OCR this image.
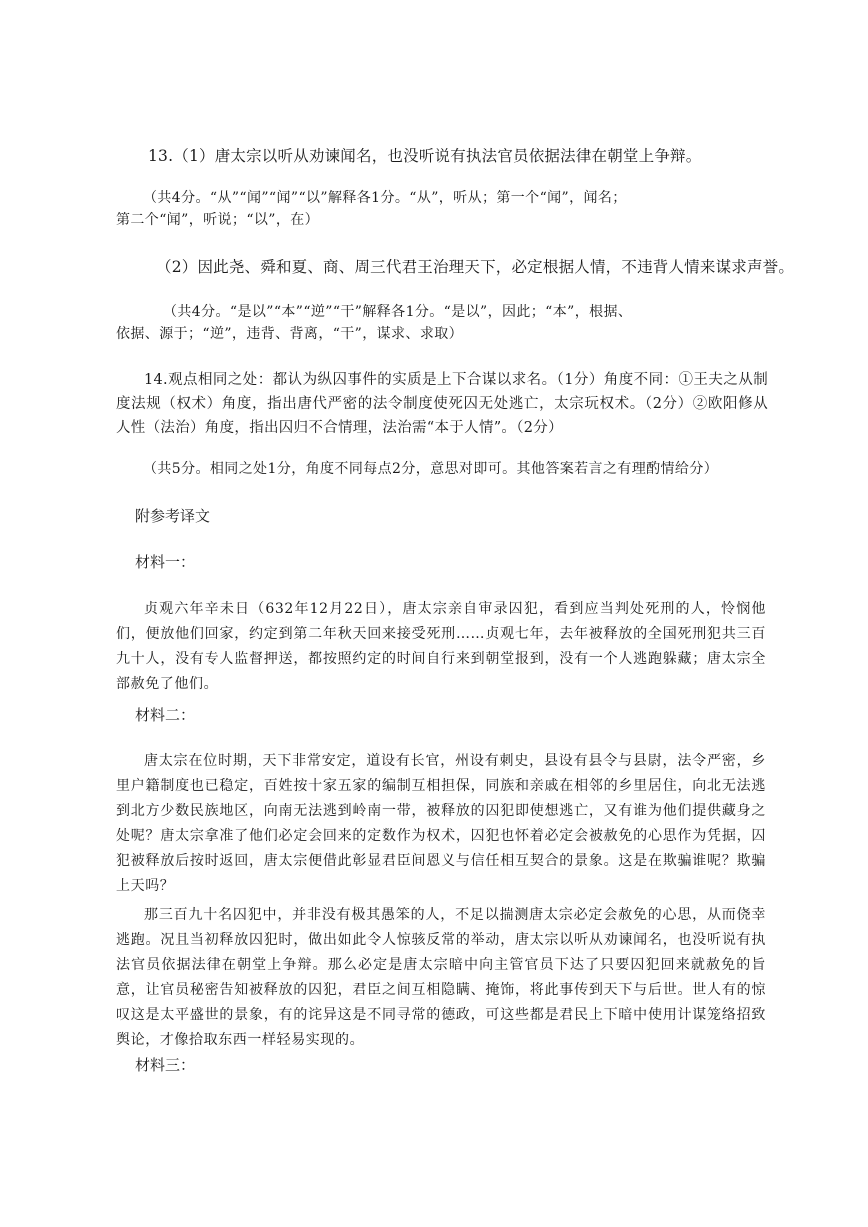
13.（1）唐太宗以听从劝谏闻名，也没听说有执法官员依据法律在朝堂上争辩。

（共4分。“从”“闻”“闻”“以”解释各1分。“从”，听从；第一个“闻”，闻名；

第二个“闻”，听说；“以”，在）

（2）因此尧、舜和夏、商、周三代君王治理天下，必定根据人情，不违背人情来谋求声誉。

（共4分。“是以”“本”“逆”“干”解释各1分。“是以”，因此；“本”，根据、

依据、源于；“逆”，违背、背离，“干”，谋求、求取）

14.观点相同之处：都认为纵囚事件的实质是上下合谋以求名。（1分）角度不同：①王夫之从制度法规（权术）角度，指出唐代严密的法令制度使死囚无处逃亡，太宗玩权术。（2分）②欧阳修从人性（法治）角度，指出囚归不合情理，法治需“本于人情”。（2分）

（共5分。相同之处1分，角度不同每点2分，意思对即可。其他答案若言之有理酌情给分）

附参考译文

材料一：

贞观六年辛未日（632年12月22日），唐太宗亲自审录囚犯，看到应当判处死刑的人，怜悯他们，便放他们回家，约定到第二年秋天回来接受死刑……贞观七年，去年被释放的全国死刑犯共三百九十人，没有专人监督押送，都按照约定的时间自行来到朝堂报到，没有一个人逃跑躲藏；唐太宗全部赦免了他们。

材料二：

唐太宗在位时期，天下非常安定，道设有长官，州设有刺史，县设有县令与县尉，法令严密，乡里户籍制度也已稳定，百姓按十家五家的编制互相担保，同族和亲戚在相邻的乡里居住，向北无法逃到北方少数民族地区，向南无法逃到岭南一带，被释放的囚犯即使想逃亡，又有谁为他们提供藏身之处呢？唐太宗拿准了他们必定会回来的定数作为权术，囚犯也怀着必定会被赦免的心思作为凭据，囚犯被释放后按时返回，唐太宗便借此彰显君臣间恩义与信任相互契合的景象。这是在欺骗谁呢？欺骗上天吗？

那三百九十名囚犯中，并非没有极其愚笨的人，不足以揣测唐太宗必定会赦免的心思，从而侥幸逃跑。况且当初释放囚犯时，做出如此令人惊骇反常的举动，唐太宗以听从劝谏闻名，也没听说有执法官员依据法律在朝堂上争辩。那么必定是唐太宗暗中向主管官员下达了只要囚犯回来就赦免的旨意，让官员秘密告知被释放的囚犯，君臣之间互相隐瞒、掩饰，将此事传到天下与后世。世人有的惊叹这是太平盛世的景象，有的诧异这是不同寻常的德政，可这些都是君民上下暗中使用计谋笼络招致舆论，才像拾取东西一样轻易实现的。

材料三：
